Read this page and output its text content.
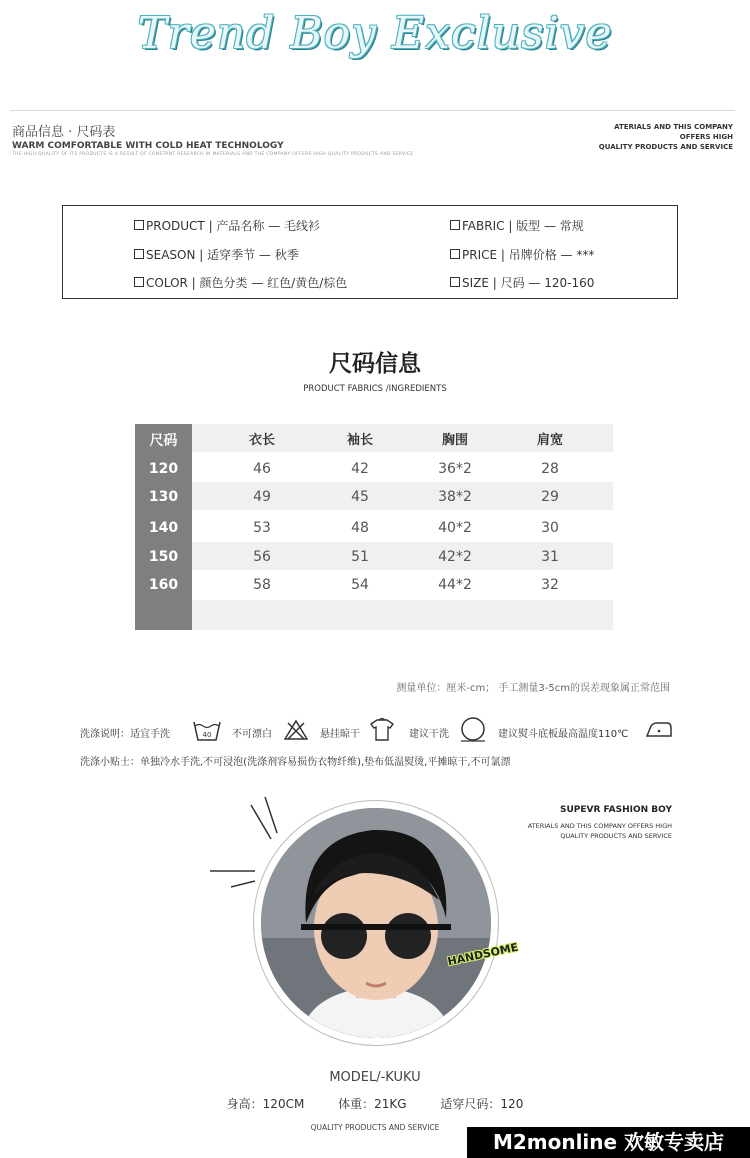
Trend Boy Exclusive
商品信息 · 尺码表
WARM COMFORTABLE WITH COLD HEAT TECHNOLOGY
THE HIGH QUALITY OF ITS PRODUCTS IS A RESULT OF CONSTANT RESEARCH IN MATERIALS AND THE COMPANY OFFERS HIGH QUALITY PRODUCTS AND SERVICE
ATERIALS AND THIS COMPANY
OFFERS HIGH
QUALITY PRODUCTS AND SERVICE
PRODUCT | 产品名称 — 毛线衫	FABRIC | 版型 — 常规
SEASON | 适穿季节 — 秋季	PRICE | 吊牌价格 — ***
COLOR | 颜色分类 — 红色/黄色/棕色	SIZE | 尺码 — 120-160
尺码信息
PRODUCT FABRICS /INGREDIENTS
尺码	衣长	袖长	胸围	肩宽
120	46	42	36*2	28
130	49	45	38*2	29
140	53	48	40*2	30
150	56	51	42*2	31
160	58	54	44*2	32
测量单位：厘米-cm； 手工测量3-5cm的误差现象属正常范围
洗涤说明：适宜手洗	40 不可漂白	悬挂晾干	建议干洗	建议熨斗底板最高温度110℃
洗涤小贴士：单独冷水手洗,不可浸泡(洗涤剂容易损伤衣物纤维),垫布低温熨烫,平摊晾干,不可氯漂
HANDSOME
SUPEVR FASHION BOY
ATERIALS AND THIS COMPANY OFFERS HIGH
QUALITY PRODUCTS AND SERVICE
MODEL/-KUKU
身高：120CM	体重：21KG	适穿尺码：120
QUALITY PRODUCTS AND SERVICE
M2monline 欢敏专卖店
